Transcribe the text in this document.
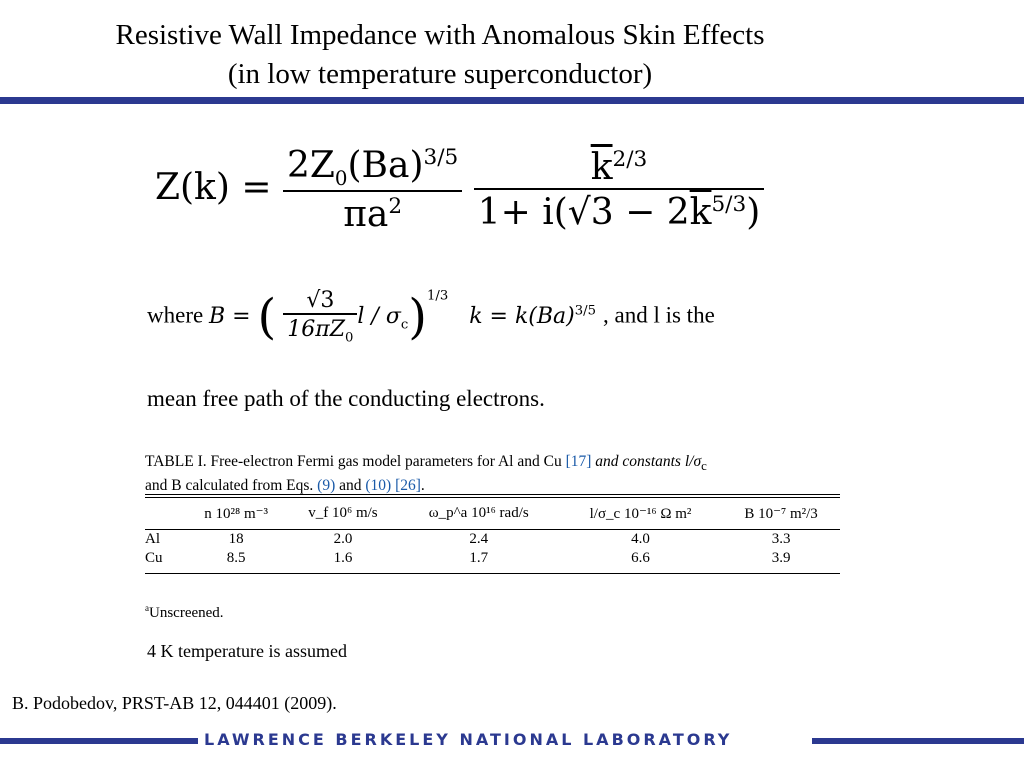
Resistive Wall Impedance with Anomalous Skin Effects
(in low temperature superconductor)
$Z(k) = \frac{2Z_0(Ba)^{3/5}}{\pi a^2}$
$\frac{\overline{k}^{2/3}}{1+ i(√3 - 2\overline{k}^{5/3})}$
where B = ( $\frac{√3}{16\pi Z_0}$ l / $\sigma_c)^{1/3}$ $k = k(Ba)^{3/5}$ , and l is the
mean free path of the conducting electrons.
TABLE I. Free-electron Fermi gas model parameters for Al and Cu [17] and constants $l/\sigma_c$
and B calculated from Eqs. (9) and (10) [26].
	n 10²⁸ m⁻³	v_f 10⁶ m/s	ω_p^a 10¹⁶ rad/s	l/σ_c 10⁻¹⁶ Ω m²	B 10⁻⁷ m²/3
Al	18	2.0	2.4	4.0	3.3
Cu	8.5	1.6	1.7	6.6	3.9
$^a$Unscreened.
4 K temperature is assumed
B. Podobedov, PRST-AB 12, 044401 (2009).
LAWRENCE BERKELEY NATIONAL LABORATORY
